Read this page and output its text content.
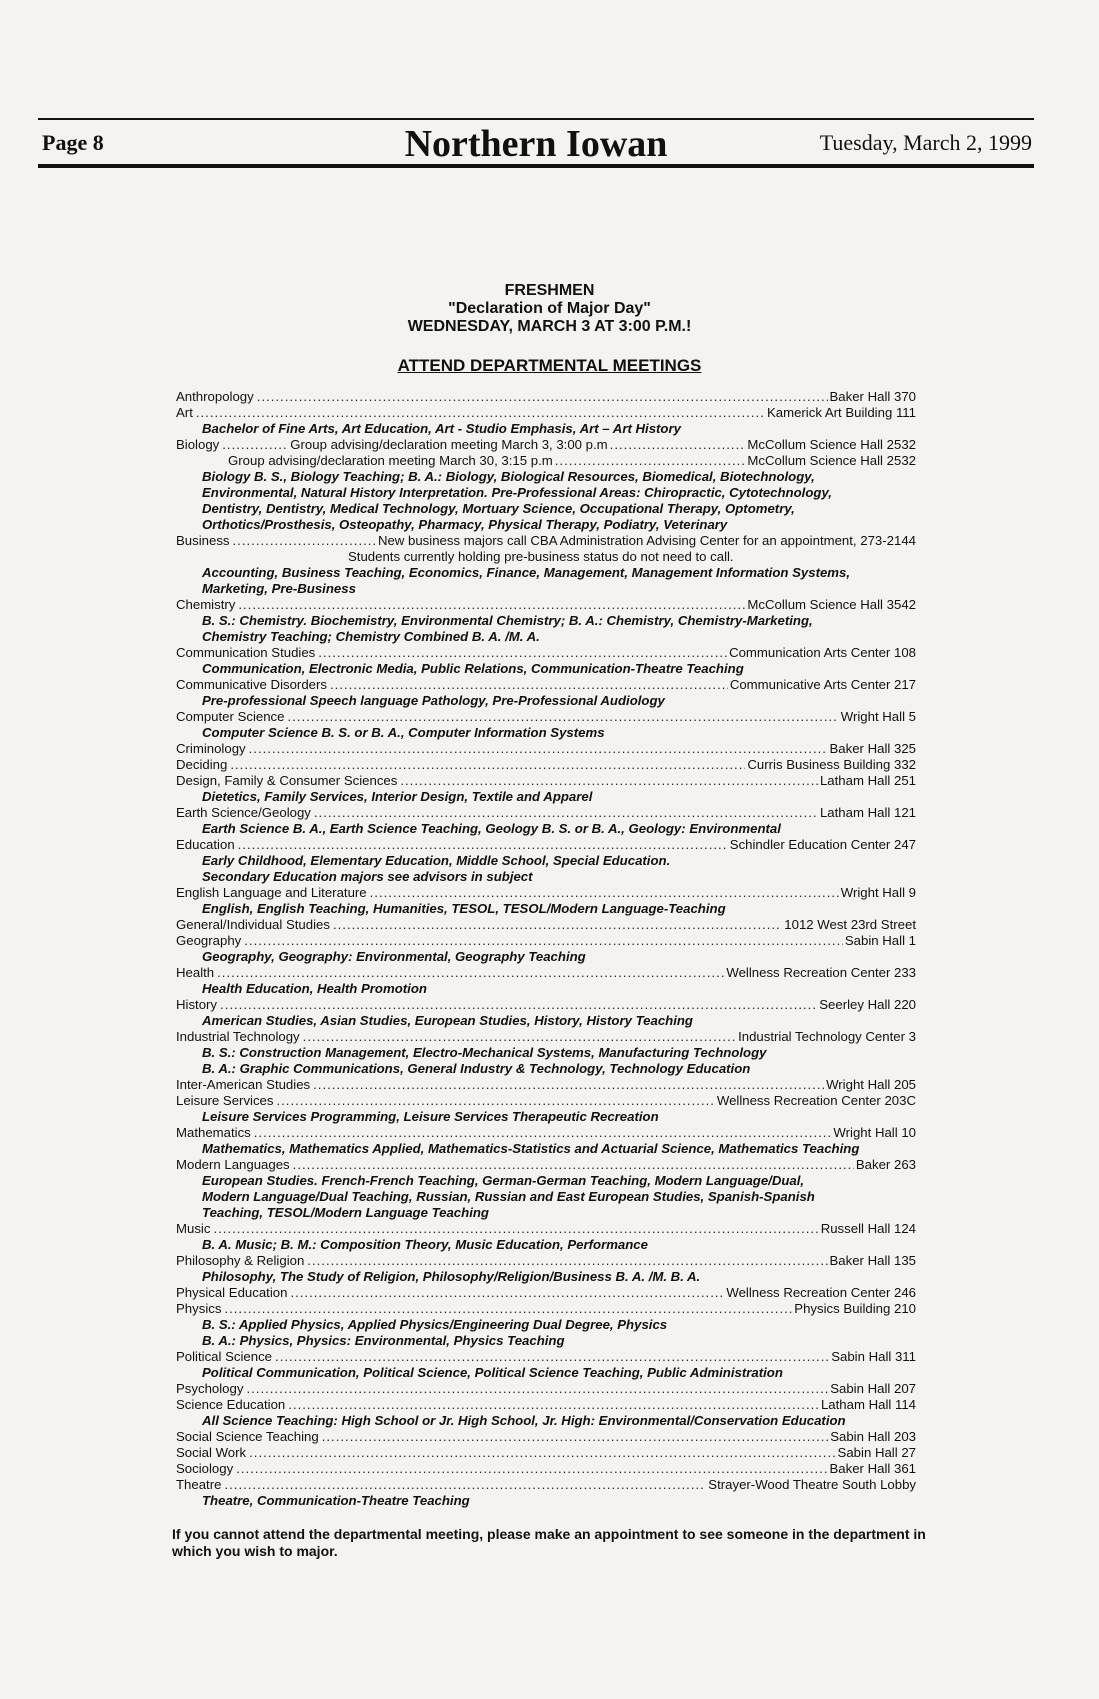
Page 8	Northern Iowan	Tuesday, March 2, 1999
FRESHMEN
"Declaration of Major Day"
WEDNESDAY, MARCH 3 AT 3:00 P.M.!
ATTEND DEPARTMENTAL MEETINGS
Anthropology .....	Baker Hall 370
Art .....	Kamerick Art Building 111
Bachelor of Fine Arts, Art Education, Art - Studio Emphasis, Art – Art History
Biology .....	Group advising/declaration meeting March 3, 3:00 p.m .....	McCollum Science Hall 2532
Group advising/declaration meeting March 30, 3:15 p.m .....	McCollum Science Hall 2532
Biology B. S., Biology Teaching; B. A.: Biology, Biological Resources, Biomedical, Biotechnology,
Environmental, Natural History Interpretation. Pre-Professional Areas: Chiropractic, Cytotechnology,
Dentistry, Dentistry, Medical Technology, Mortuary Science, Occupational Therapy, Optometry,
Orthotics/Prosthesis, Osteopathy, Pharmacy, Physical Therapy, Podiatry, Veterinary
Business .....	New business majors call CBA Administration Advising Center for an appointment, 273-2144
Students currently holding pre-business status do not need to call.
Accounting, Business Teaching, Economics, Finance, Management, Management Information Systems,
Marketing, Pre-Business
Chemistry .....	McCollum Science Hall 3542
B. S.: Chemistry. Biochemistry, Environmental Chemistry; B. A.: Chemistry, Chemistry-Marketing,
Chemistry Teaching; Chemistry Combined B. A. /M. A.
Communication Studies .....	Communication Arts Center 108
Communication, Electronic Media, Public Relations, Communication-Theatre Teaching
Communicative Disorders .....	Communicative Arts Center 217
Pre-professional Speech language Pathology, Pre-Professional Audiology
Computer Science .....	Wright Hall 5
Computer Science B. S. or B. A., Computer Information Systems
Criminology .....	Baker Hall 325
Deciding .....	Curris Business Building 332
Design, Family & Consumer Sciences .....	Latham Hall 251
Dietetics, Family Services, Interior Design, Textile and Apparel
Earth Science/Geology .....	Latham Hall 121
Earth Science B. A., Earth Science Teaching, Geology B. S. or B. A., Geology: Environmental
Education .....	Schindler Education Center 247
Early Childhood, Elementary Education, Middle School, Special Education.
Secondary Education majors see advisors in subject
English Language and Literature .....	Wright Hall 9
English, English Teaching, Humanities, TESOL, TESOL/Modern Language-Teaching
General/Individual Studies .....	1012 West 23rd Street
Geography .....	Sabin Hall 1
Geography, Geography: Environmental, Geography Teaching
Health .....	Wellness Recreation Center 233
Health Education, Health Promotion
History .....	Seerley Hall 220
American Studies, Asian Studies, European Studies, History, History Teaching
Industrial Technology .....	Industrial Technology Center 3
B. S.: Construction Management, Electro-Mechanical Systems, Manufacturing Technology
B. A.: Graphic Communications, General Industry & Technology, Technology Education
Inter-American Studies .....	Wright Hall 205
Leisure Services .....	Wellness Recreation Center 203C
Leisure Services Programming, Leisure Services Therapeutic Recreation
Mathematics .....	Wright Hall 10
Mathematics, Mathematics Applied, Mathematics-Statistics and Actuarial Science, Mathematics Teaching
Modern Languages .....	Baker 263
European Studies. French-French Teaching, German-German Teaching, Modern Language/Dual,
Modern Language/Dual Teaching, Russian, Russian and East European Studies, Spanish-Spanish
Teaching, TESOL/Modern Language Teaching
Music .....	Russell Hall 124
B. A. Music; B. M.: Composition Theory, Music Education, Performance
Philosophy & Religion .....	Baker Hall 135
Philosophy, The Study of Religion, Philosophy/Religion/Business B. A. /M. B. A.
Physical Education .....	Wellness Recreation Center 246
Physics .....	Physics Building 210
B. S.: Applied Physics, Applied Physics/Engineering Dual Degree, Physics
B. A.: Physics, Physics: Environmental, Physics Teaching
Political Science .....	Sabin Hall 311
Political Communication, Political Science, Political Science Teaching, Public Administration
Psychology .....	Sabin Hall 207
Science Education .....	Latham Hall 114
All Science Teaching: High School or Jr. High School, Jr. High: Environmental/Conservation Education
Social Science Teaching .....	Sabin Hall 203
Social Work .....	Sabin Hall 27
Sociology .....	Baker Hall 361
Theatre .....	Strayer-Wood Theatre South Lobby
Theatre, Communication-Theatre Teaching
If you cannot attend the departmental meeting, please make an appointment to see someone in the department in which you wish to major.
